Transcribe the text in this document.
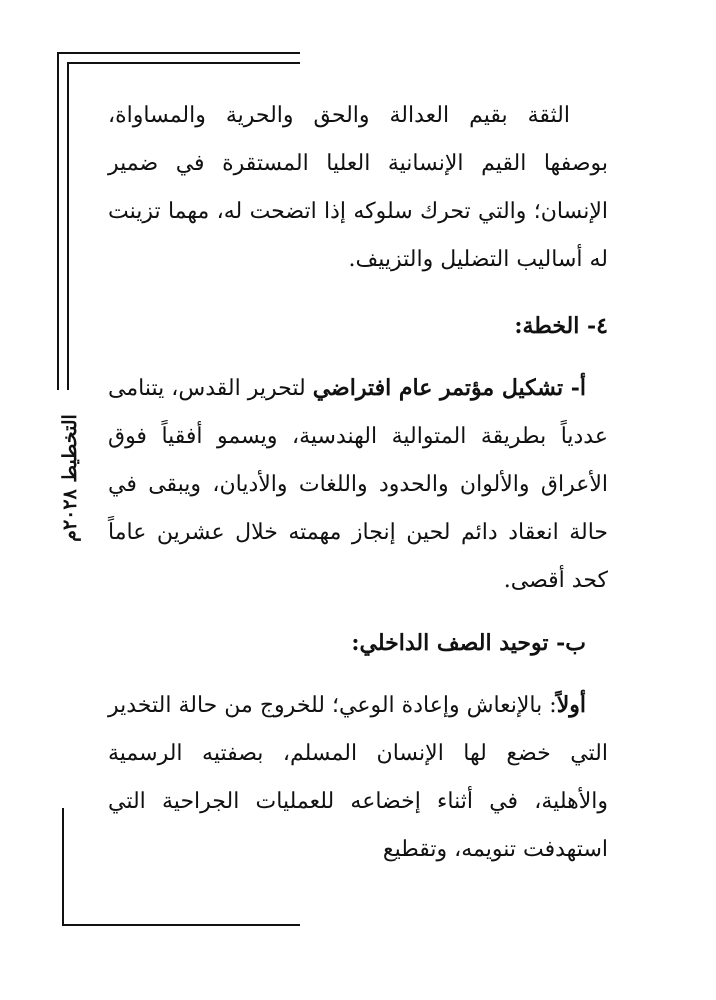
التخطيط ٢٠٢٨م

الثقة بقيم العدالة والحق والحرية والمساواة، بوصفها القيم الإنسانية العليا المستقرة في ضمير الإنسان؛ والتي تحرك سلوكه إذا اتضحت له، مهما تزينت له أساليب التضليل والتزييف.

٤- الخطة:

أ- تشكيل مؤتمر عام افتراضي لتحرير القدس، يتنامى عددياً بطريقة المتوالية الهندسية، ويسمو أفقياً فوق الأعراق والألوان والحدود واللغات والأديان، ويبقى في حالة انعقاد دائم لحين إنجاز مهمته خلال عشرين عاماً كحد أقصى.

ب- توحيد الصف الداخلي:

أولاً: بالإنعاش وإعادة الوعي؛ للخروج من حالة التخدير التي خضع لها الإنسان المسلم، بصفتيه الرسمية والأهلية، في أثناء إخضاعه للعمليات الجراحية التي استهدفت تنويمه، وتقطيع
